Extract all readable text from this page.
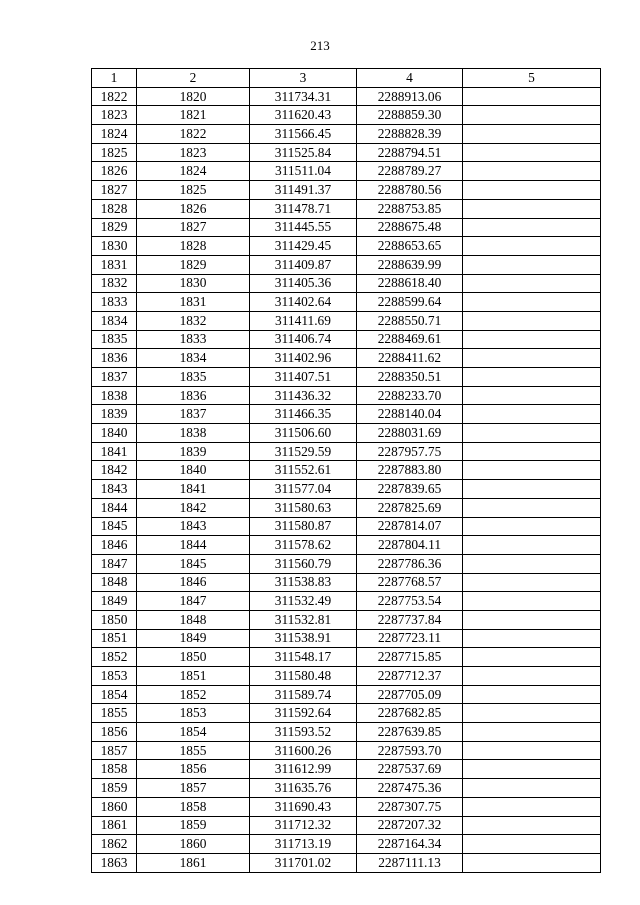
213
1	2	3	4	5
1822	1820	311734.31	2288913.06	
1823	1821	311620.43	2288859.30	
1824	1822	311566.45	2288828.39	
1825	1823	311525.84	2288794.51	
1826	1824	311511.04	2288789.27	
1827	1825	311491.37	2288780.56	
1828	1826	311478.71	2288753.85	
1829	1827	311445.55	2288675.48	
1830	1828	311429.45	2288653.65	
1831	1829	311409.87	2288639.99	
1832	1830	311405.36	2288618.40	
1833	1831	311402.64	2288599.64	
1834	1832	311411.69	2288550.71	
1835	1833	311406.74	2288469.61	
1836	1834	311402.96	2288411.62	
1837	1835	311407.51	2288350.51	
1838	1836	311436.32	2288233.70	
1839	1837	311466.35	2288140.04	
1840	1838	311506.60	2288031.69	
1841	1839	311529.59	2287957.75	
1842	1840	311552.61	2287883.80	
1843	1841	311577.04	2287839.65	
1844	1842	311580.63	2287825.69	
1845	1843	311580.87	2287814.07	
1846	1844	311578.62	2287804.11	
1847	1845	311560.79	2287786.36	
1848	1846	311538.83	2287768.57	
1849	1847	311532.49	2287753.54	
1850	1848	311532.81	2287737.84	
1851	1849	311538.91	2287723.11	
1852	1850	311548.17	2287715.85	
1853	1851	311580.48	2287712.37	
1854	1852	311589.74	2287705.09	
1855	1853	311592.64	2287682.85	
1856	1854	311593.52	2287639.85	
1857	1855	311600.26	2287593.70	
1858	1856	311612.99	2287537.69	
1859	1857	311635.76	2287475.36	
1860	1858	311690.43	2287307.75	
1861	1859	311712.32	2287207.32	
1862	1860	311713.19	2287164.34	
1863	1861	311701.02	2287111.13	
